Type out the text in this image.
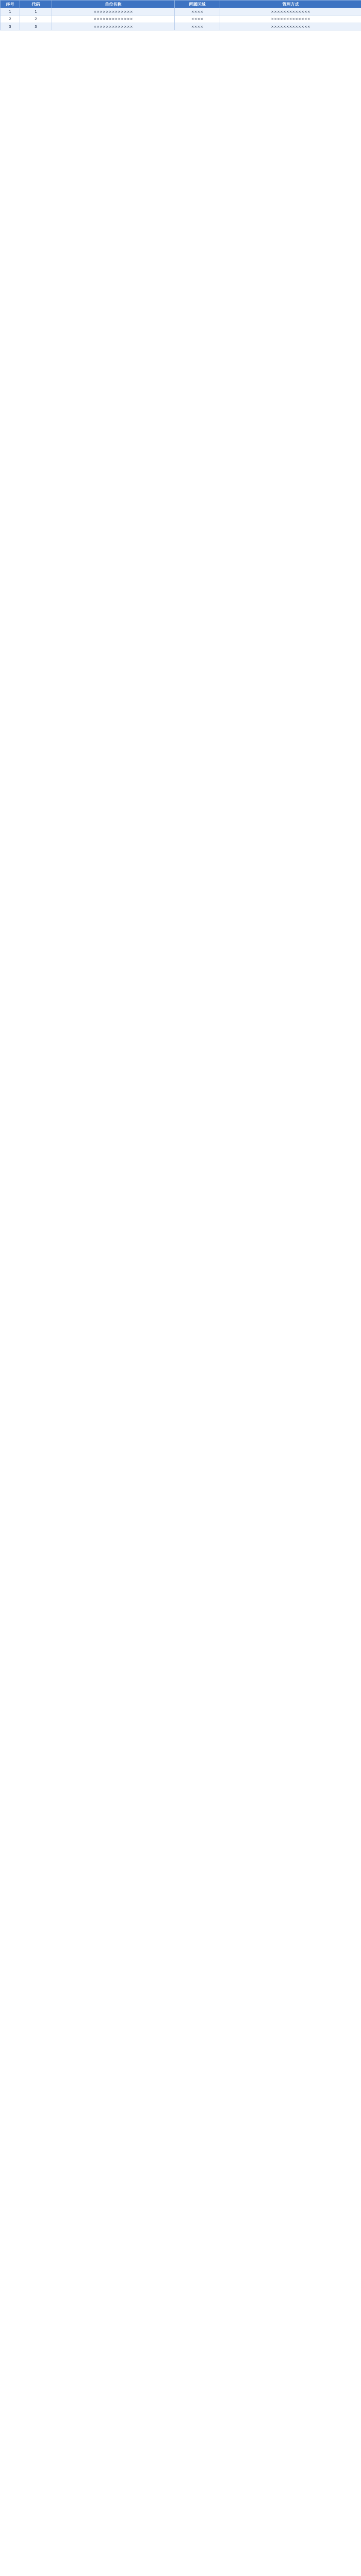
序号	代码	单位名称	所属区域	管理方式
1	1	×××××××××××××	××××	×××××××××××××
2	2	×××××××××××××	××××	×××××××××××××
3	3	×××××××××××××	××××	×××××××××××××
